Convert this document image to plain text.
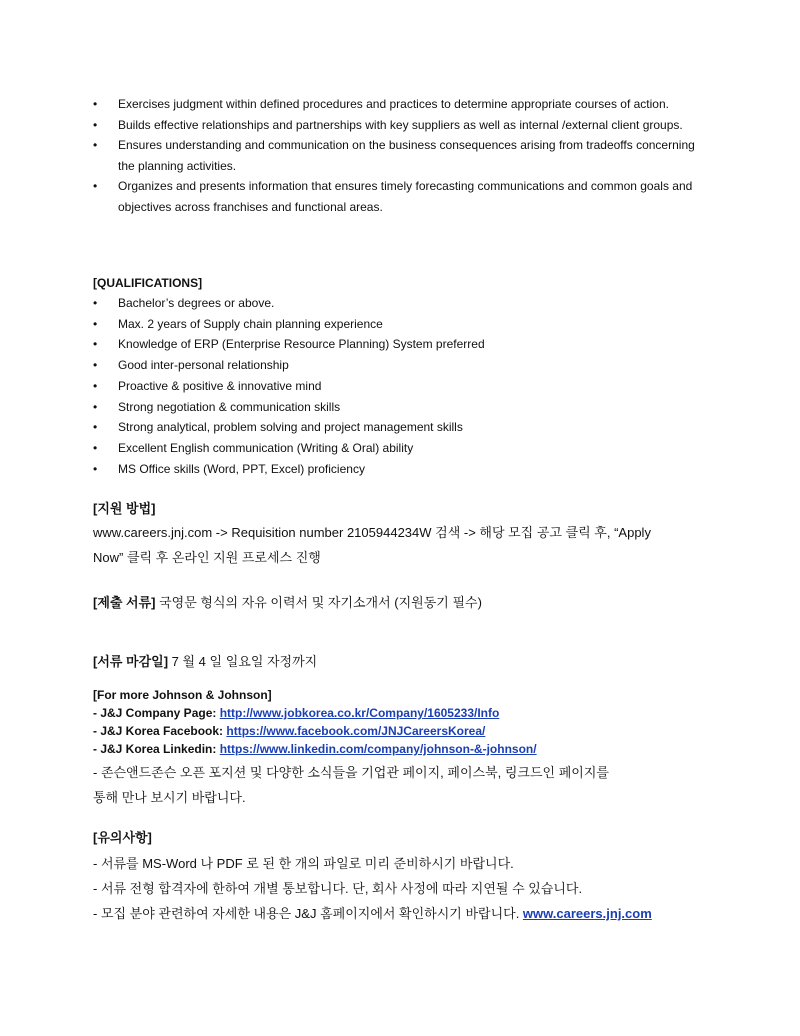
• Exercises judgment within defined procedures and practices to determine appropriate courses of action.
• Builds effective relationships and partnerships with key suppliers as well as internal /external client groups.
• Ensures understanding and communication on the business consequences arising from tradeoffs concerning the planning activities.
• Organizes and presents information that ensures timely forecasting communications and common goals and objectives across franchises and functional areas.
[QUALIFICATIONS]
• Bachelor’s degrees or above.
• Max. 2 years of Supply chain planning experience
• Knowledge of ERP (Enterprise Resource Planning) System preferred
• Good inter-personal relationship
• Proactive & positive & innovative mind
• Strong negotiation & communication skills
• Strong analytical, problem solving and project management skills
• Excellent English communication (Writing & Oral) ability
• MS Office skills (Word, PPT, Excel) proficiency
[지원 방법]
www.careers.jnj.com -> Requisition number 2105944234W 검색 -> 해당 모집 공고 클릭 후, “Apply
Now” 클릭 후 온라인 지원 프로세스 진행
[제출 서류] 국영문 형식의 자유 이력서 및 자기소개서 (지원동기 필수)
[서류 마감일] 7 월 4 일 일요일 자정까지
[For more Johnson & Johnson]
- J&J Company Page: http://www.jobkorea.co.kr/Company/1605233/Info
- J&J Korea Facebook: https://www.facebook.com/JNJCareersKorea/
- J&J Korea Linkedin: https://www.linkedin.com/company/johnson-&-johnson/
- 존슨앤드존슨 오픈 포지션 및 다양한 소식들을 기업관 페이지, 페이스북, 링크드인 페이지를
통해 만나 보시기 바랍니다.
[유의사항]
- 서류를 MS-Word 나 PDF 로 된 한 개의 파일로 미리 준비하시기 바랍니다.
- 서류 전형 합격자에 한하여 개별 통보합니다. 단, 회사 사정에 따라 지연될 수 있습니다.
- 모집 분야 관련하여 자세한 내용은 J&J 홈페이지에서 확인하시기 바랍니다. www.careers.jnj.com
